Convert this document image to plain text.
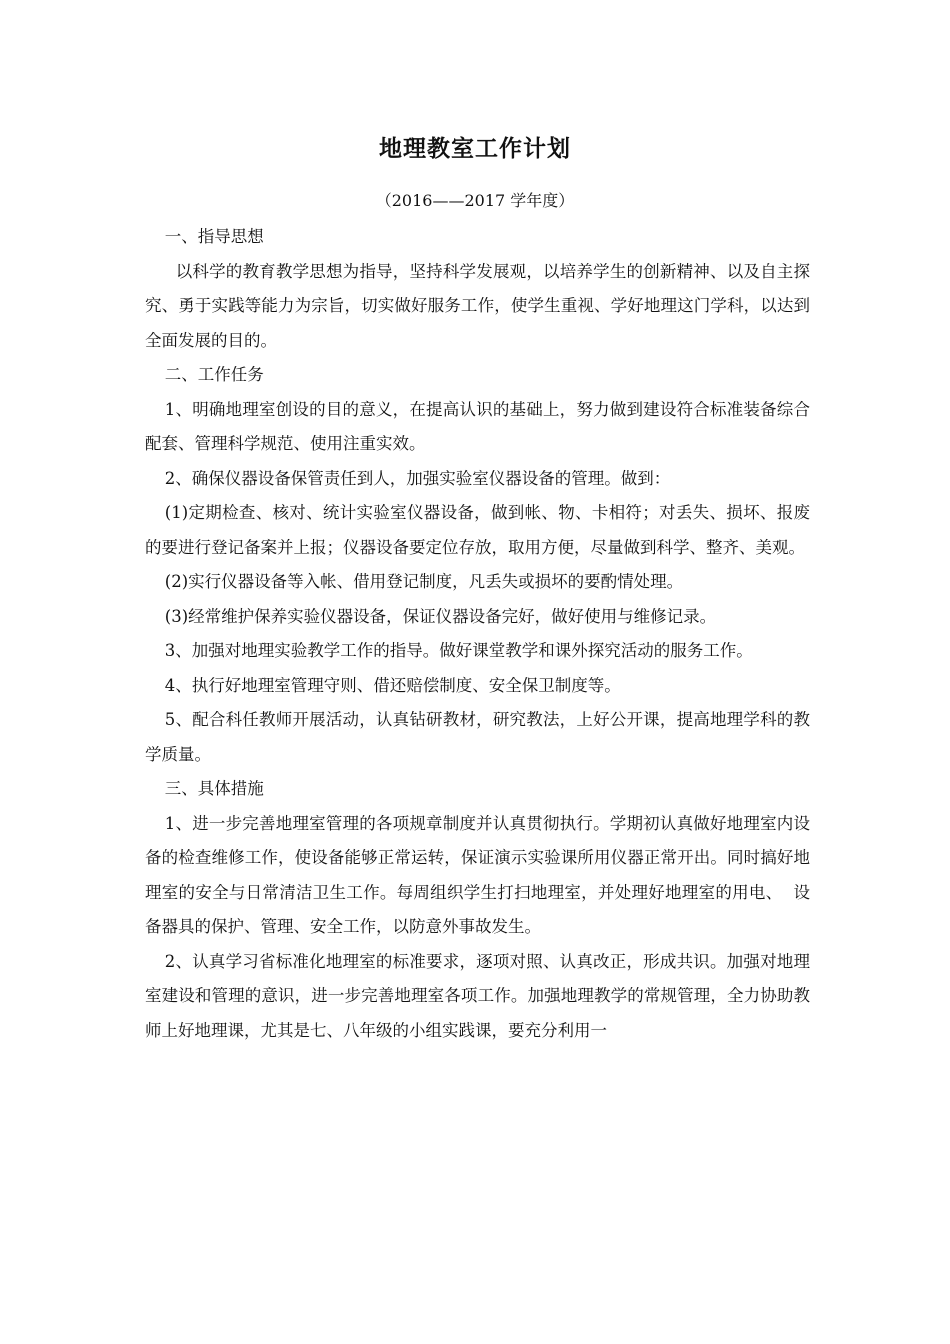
地理教室工作计划
（2016——2017 学年度）

一、指导思想

以科学的教育教学思想为指导，坚持科学发展观，以培养学生的创新精神、以及自主探究、勇于实践等能力为宗旨，切实做好服务工作，使学生重视、学好地理这门学科，以达到全面发展的目的。

二、工作任务

1、明确地理室创设的目的意义，在提高认识的基础上，努力做到建设符合标准装备综合配套、管理科学规范、使用注重实效。

2、确保仪器设备保管责任到人，加强实验室仪器设备的管理。做到：

(1)定期检查、核对、统计实验室仪器设备，做到帐、物、卡相符；对丢失、损坏、报废的要进行登记备案并上报；仪器设备要定位存放，取用方便，尽量做到科学、整齐、美观。

(2)实行仪器设备等入帐、借用登记制度，凡丢失或损坏的要酌情处理。

(3)经常维护保养实验仪器设备，保证仪器设备完好，做好使用与维修记录。

3、加强对地理实验教学工作的指导。做好课堂教学和课外探究活动的服务工作。

4、执行好地理室管理守则、借还赔偿制度、安全保卫制度等。

5、配合科任教师开展活动，认真钻研教材，研究教法，上好公开课，提高地理学科的教学质量。

三、具体措施

1、进一步完善地理室管理的各项规章制度并认真贯彻执行。学期初认真做好地理室内设备的检查维修工作，使设备能够正常运转，保证演示实验课所用仪器正常开出。同时搞好地理室的安全与日常清洁卫生工作。每周组织学生打扫地理室，并处理好地理室的用电、  设备器具的保护、管理、安全工作，以防意外事故发生。

2、认真学习省标准化地理室的标准要求，逐项对照、认真改正，形成共识。加强对地理室建设和管理的意识，进一步完善地理室各项工作。加强地理教学的常规管理，全力协助教师上好地理课，尤其是七、八年级的小组实践课，要充分利用一
